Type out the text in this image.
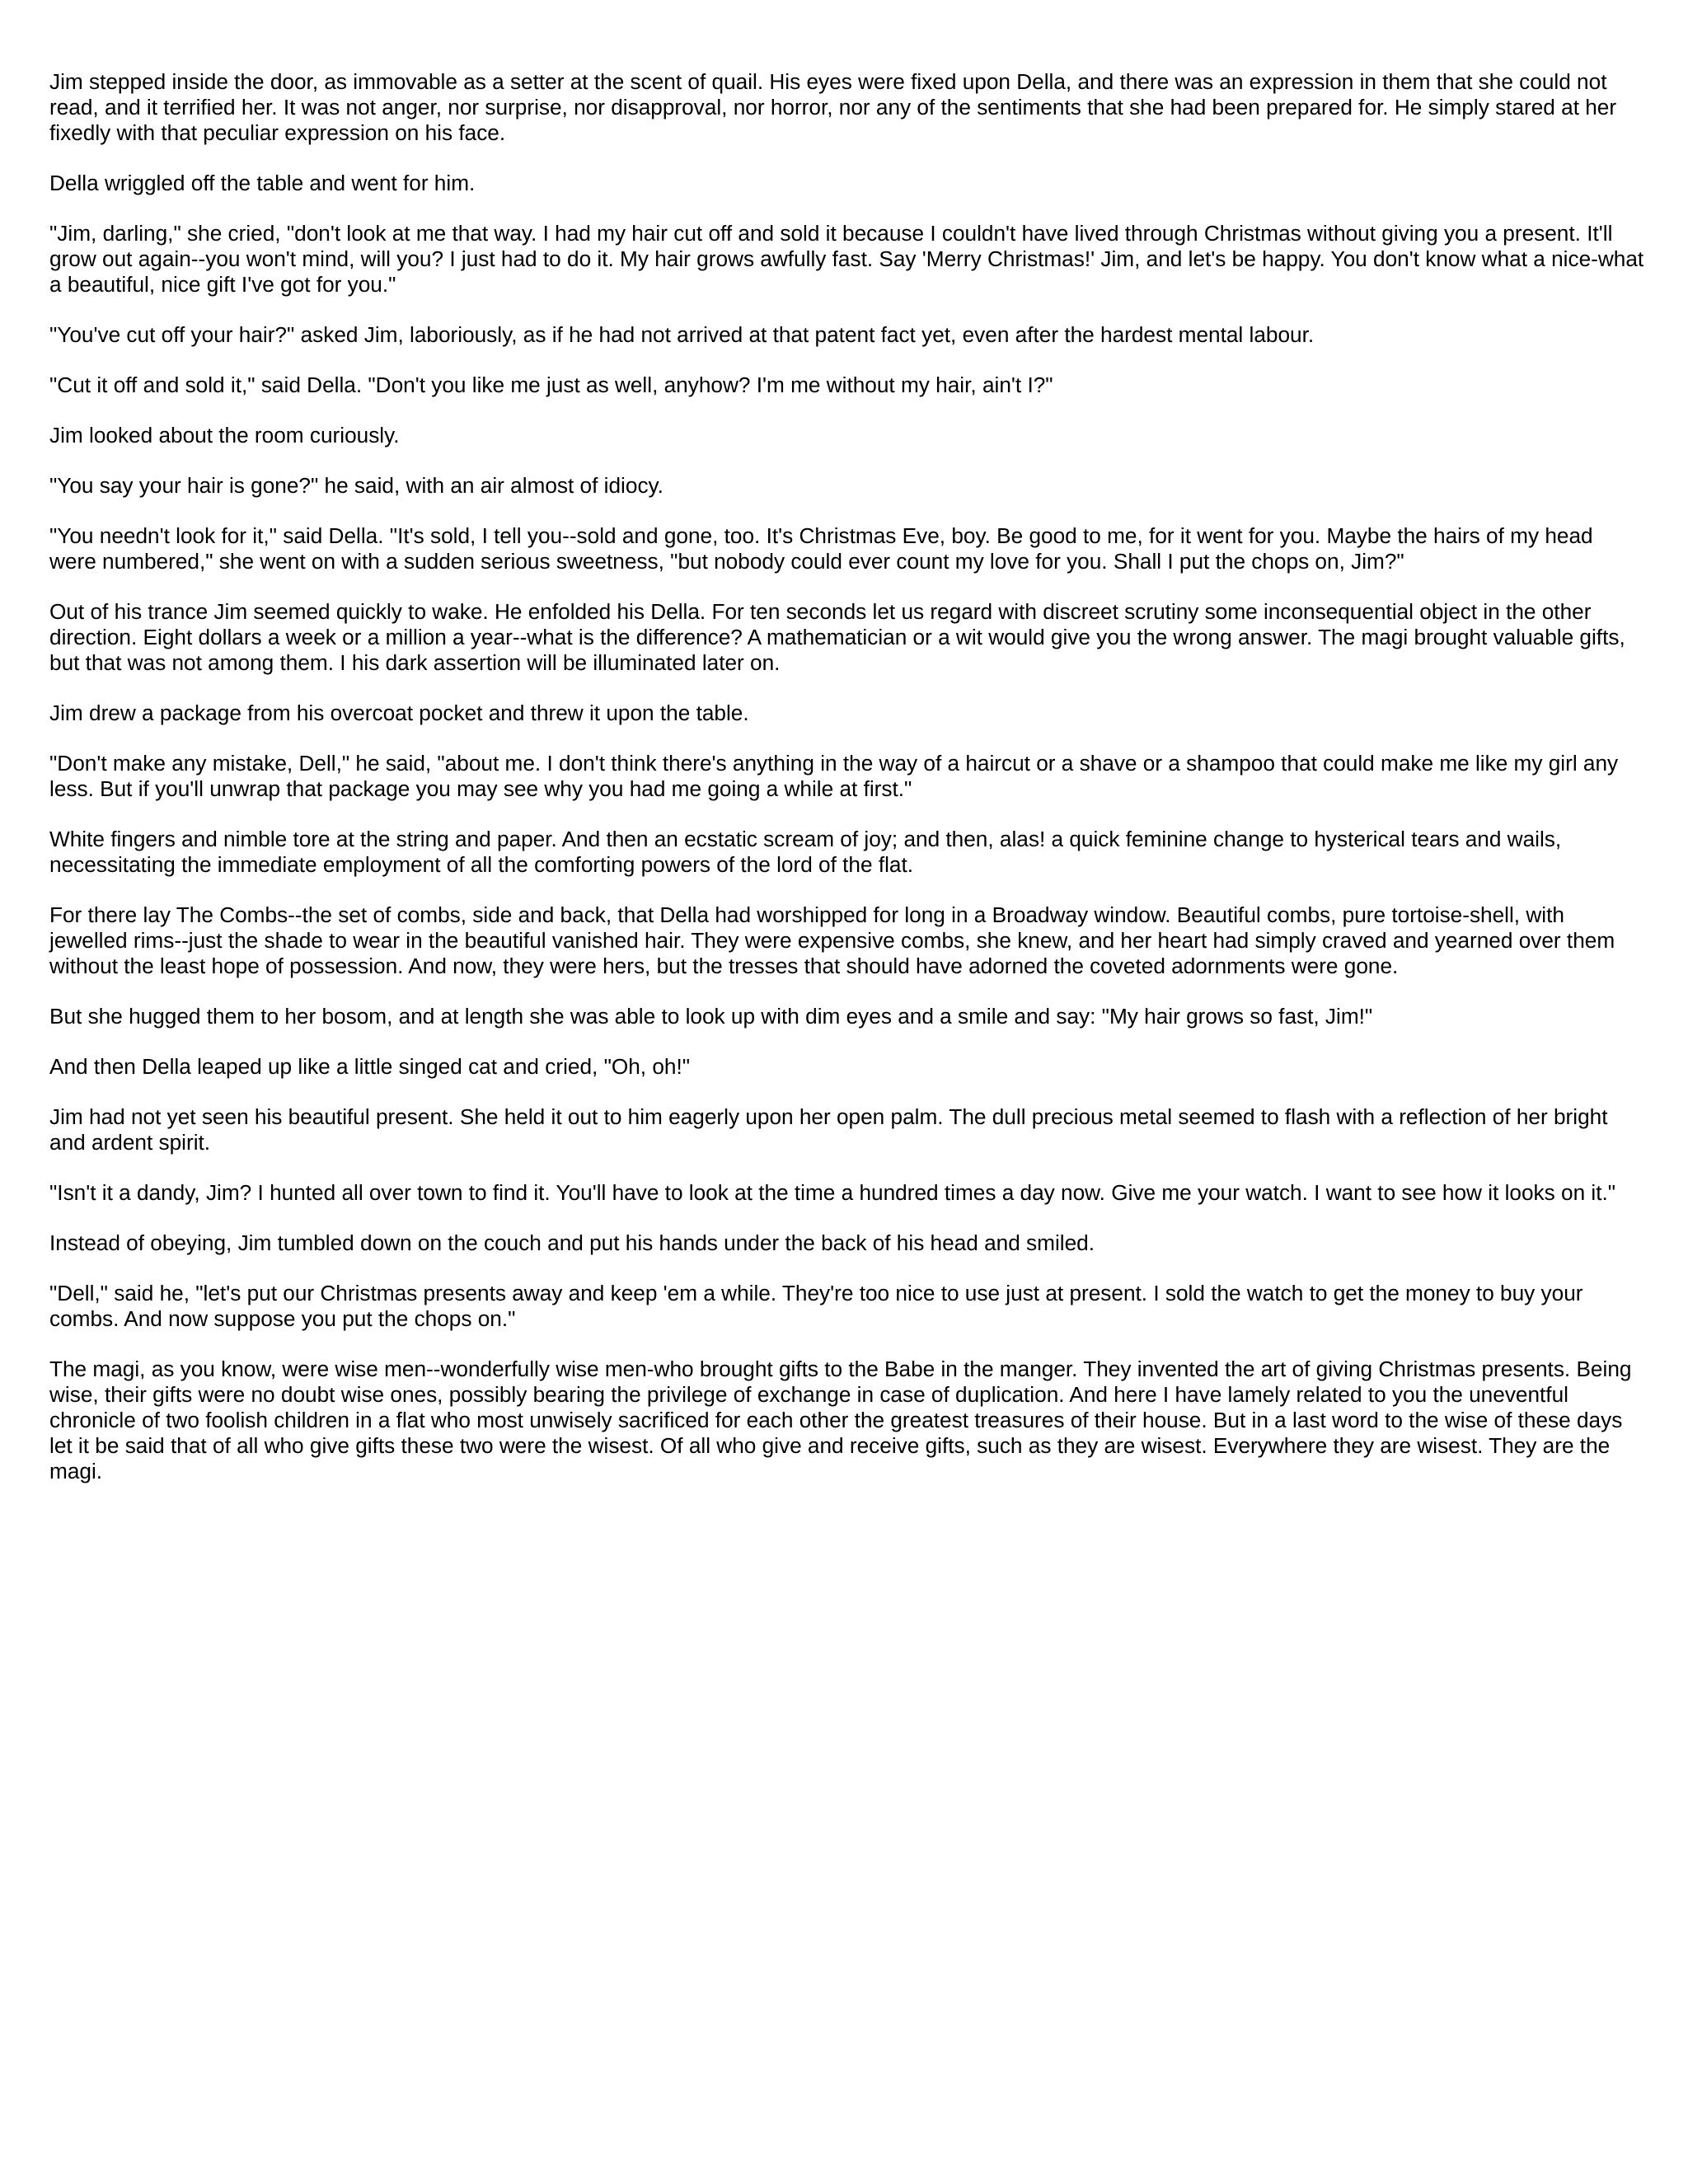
Jim stepped inside the door, as immovable as a setter at the scent of quail. His eyes were fixed upon Della, and there was an expression in them that she could not read, and it terrified her. It was not anger, nor surprise, nor disapproval, nor horror, nor any of the sentiments that she had been prepared for. He simply stared at her fixedly with that peculiar expression on his face.

Della wriggled off the table and went for him.

"Jim, darling," she cried, "don't look at me that way. I had my hair cut off and sold it because I couldn't have lived through Christmas without giving you a present. It'll grow out again--you won't mind, will you? I just had to do it. My hair grows awfully fast. Say 'Merry Christmas!' Jim, and let's be happy. You don't know what a nice-what a beautiful, nice gift I've got for you."

"You've cut off your hair?" asked Jim, laboriously, as if he had not arrived at that patent fact yet, even after the hardest mental labour.

"Cut it off and sold it," said Della. "Don't you like me just as well, anyhow? I'm me without my hair, ain't I?"

Jim looked about the room curiously.

"You say your hair is gone?" he said, with an air almost of idiocy.

"You needn't look for it," said Della. "It's sold, I tell you--sold and gone, too. It's Christmas Eve, boy. Be good to me, for it went for you. Maybe the hairs of my head were numbered," she went on with a sudden serious sweetness, "but nobody could ever count my love for you. Shall I put the chops on, Jim?"

Out of his trance Jim seemed quickly to wake. He enfolded his Della. For ten seconds let us regard with discreet scrutiny some inconsequential object in the other direction. Eight dollars a week or a million a year--what is the difference? A mathematician or a wit would give you the wrong answer. The magi brought valuable gifts, but that was not among them. I his dark assertion will be illuminated later on.

Jim drew a package from his overcoat pocket and threw it upon the table.

"Don't make any mistake, Dell," he said, "about me. I don't think there's anything in the way of a haircut or a shave or a shampoo that could make me like my girl any less. But if you'll unwrap that package you may see why you had me going a while at first."

White fingers and nimble tore at the string and paper. And then an ecstatic scream of joy; and then, alas! a quick feminine change to hysterical tears and wails, necessitating the immediate employment of all the comforting powers of the lord of the flat.

For there lay The Combs--the set of combs, side and back, that Della had worshipped for long in a Broadway window. Beautiful combs, pure tortoise-shell, with jewelled rims--just the shade to wear in the beautiful vanished hair. They were expensive combs, she knew, and her heart had simply craved and yearned over them without the least hope of possession. And now, they were hers, but the tresses that should have adorned the coveted adornments were gone.

But she hugged them to her bosom, and at length she was able to look up with dim eyes and a smile and say: "My hair grows so fast, Jim!"

And then Della leaped up like a little singed cat and cried, "Oh, oh!"

Jim had not yet seen his beautiful present. She held it out to him eagerly upon her open palm. The dull precious metal seemed to flash with a reflection of her bright and ardent spirit.

"Isn't it a dandy, Jim? I hunted all over town to find it. You'll have to look at the time a hundred times a day now. Give me your watch. I want to see how it looks on it."

Instead of obeying, Jim tumbled down on the couch and put his hands under the back of his head and smiled.

"Dell," said he, "let's put our Christmas presents away and keep 'em a while. They're too nice to use just at present. I sold the watch to get the money to buy your combs. And now suppose you put the chops on."

The magi, as you know, were wise men--wonderfully wise men-who brought gifts to the Babe in the manger. They invented the art of giving Christmas presents. Being wise, their gifts were no doubt wise ones, possibly bearing the privilege of exchange in case of duplication. And here I have lamely related to you the uneventful chronicle of two foolish children in a flat who most unwisely sacrificed for each other the greatest treasures of their house. But in a last word to the wise of these days let it be said that of all who give gifts these two were the wisest. Of all who give and receive gifts, such as they are wisest. Everywhere they are wisest. They are the magi.
